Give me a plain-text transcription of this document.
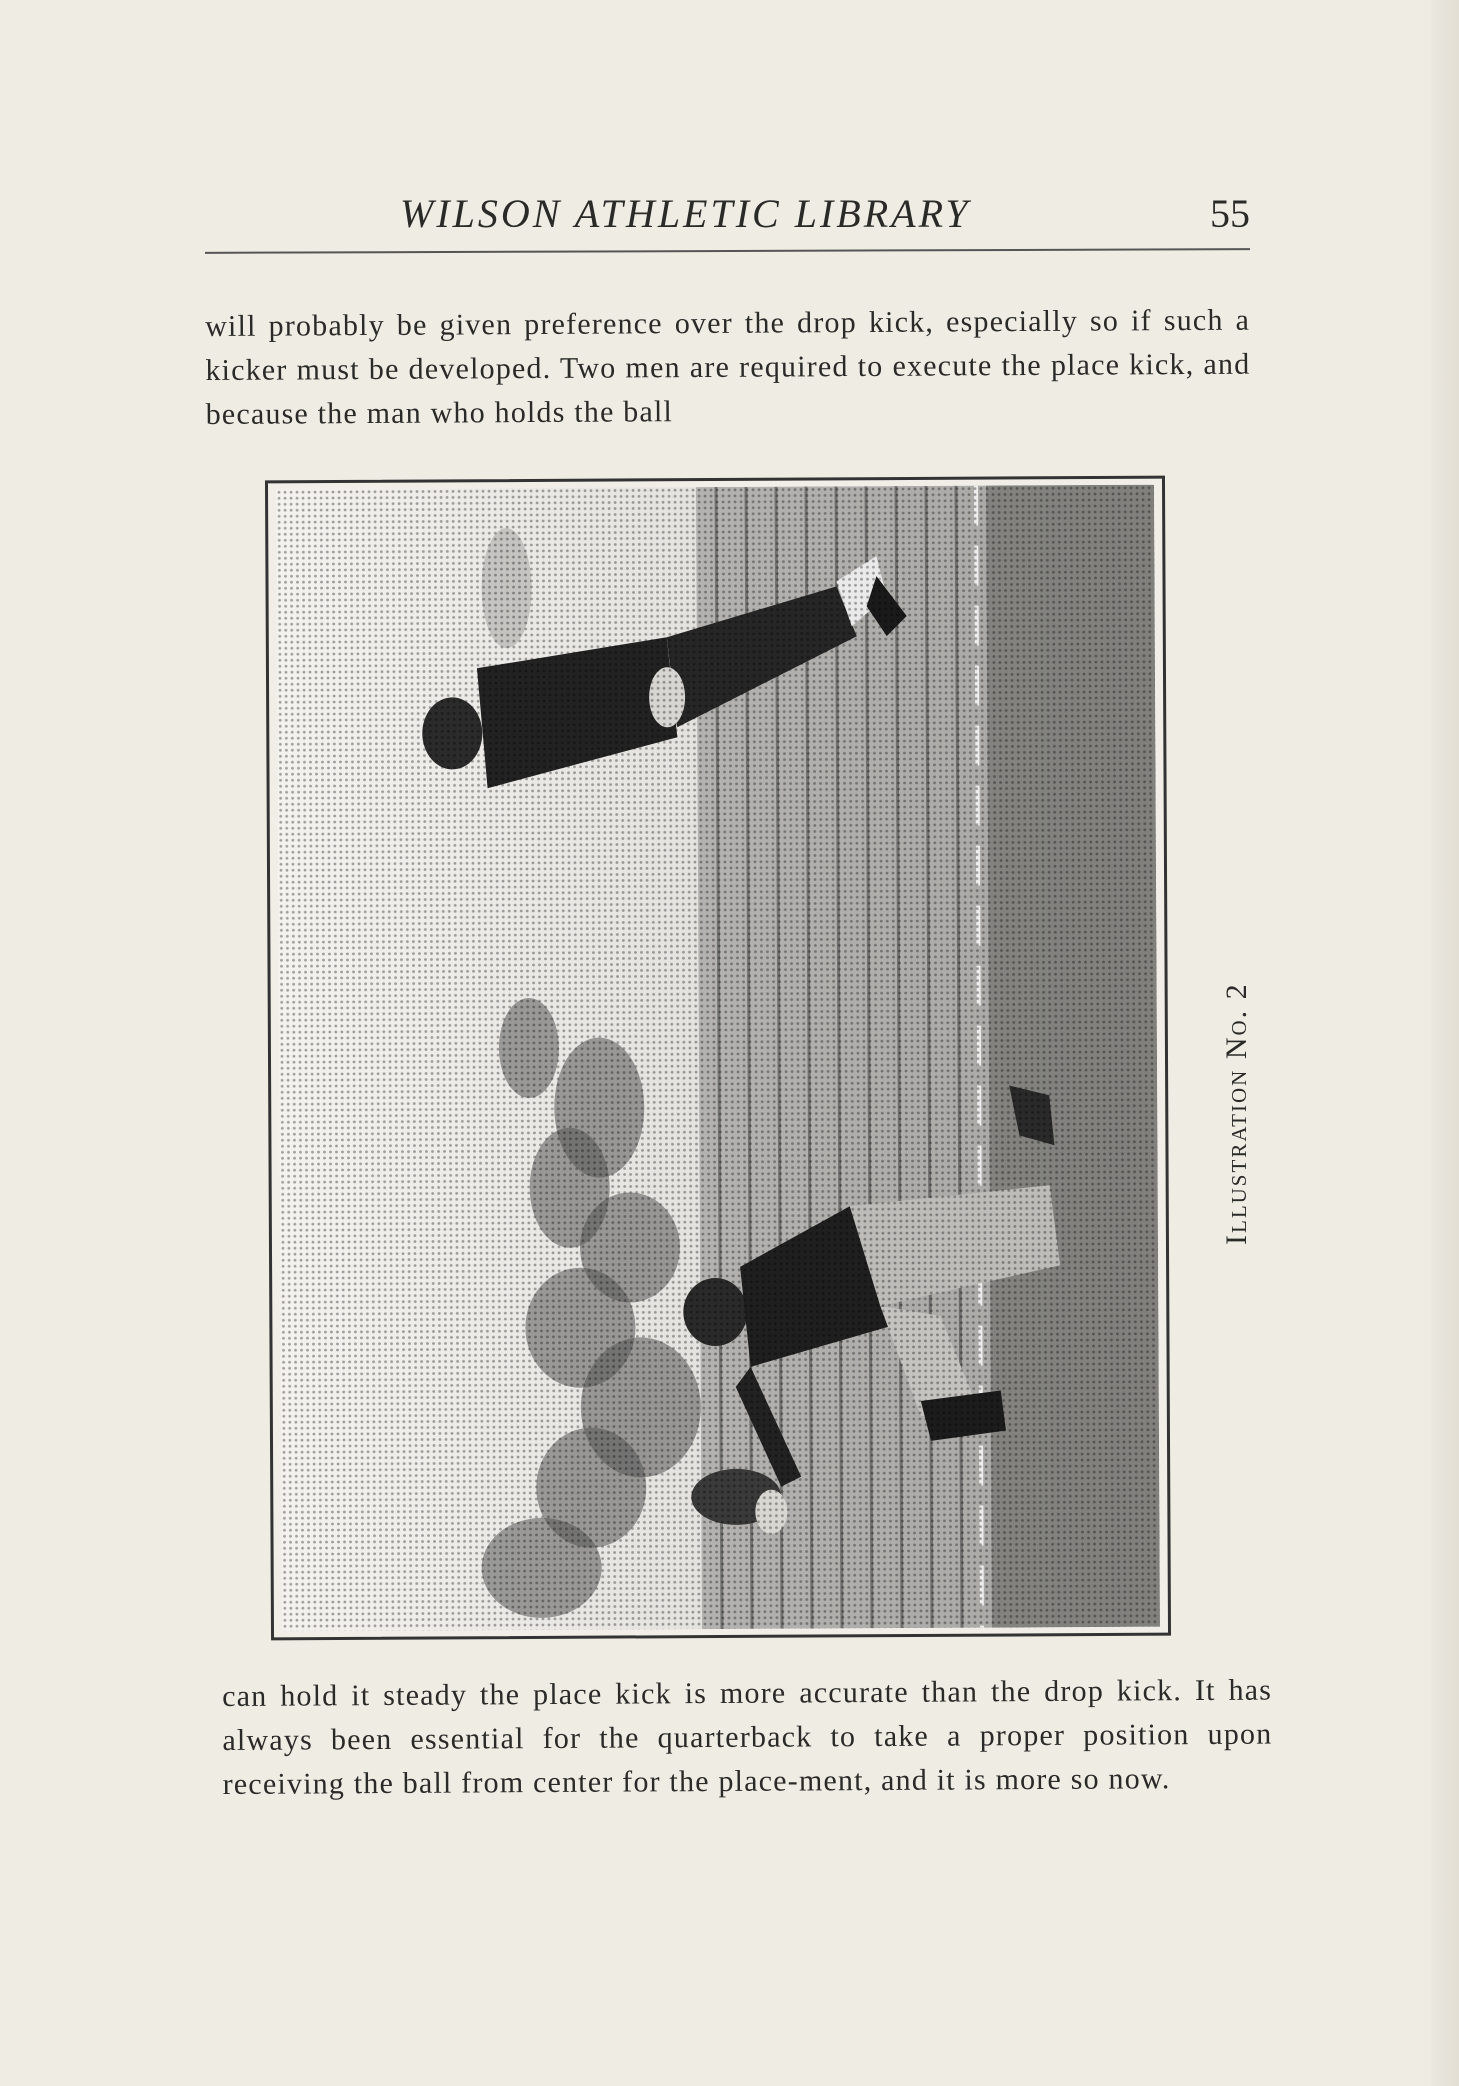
WILSON ATHLETIC LIBRARY	55

will probably be given preference over the drop kick, especially so if such a kicker must be developed. Two men are required to execute the place kick, and because the man who holds the ball

Illustration No. 2

can hold it steady the place kick is more accurate than the drop kick. It has always been essential for the quarterback to take a proper position upon receiving the ball from center for the place-ment, and it is more so now.
